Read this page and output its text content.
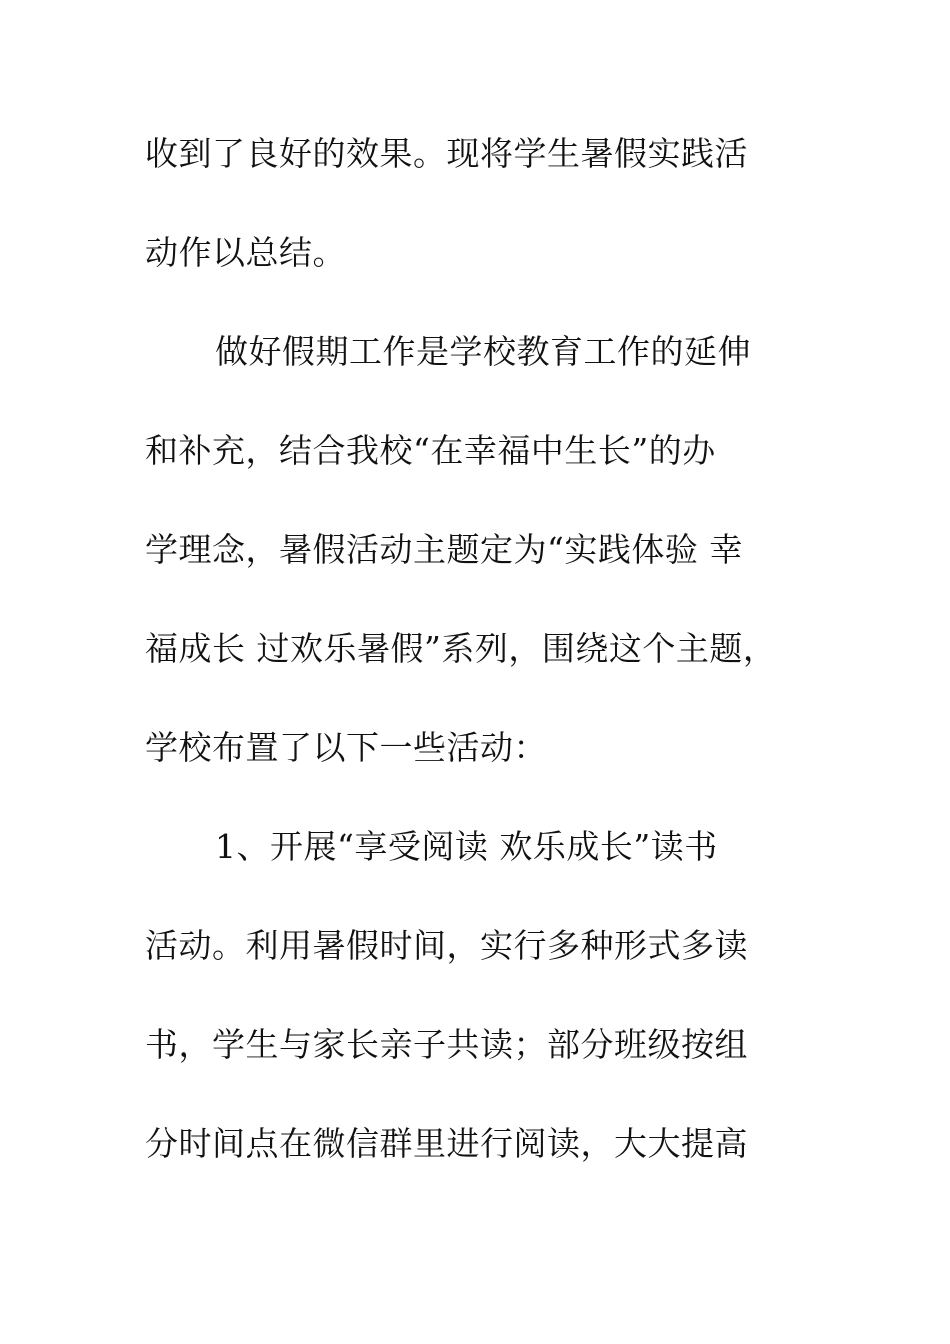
收到了良好的效果。现将学生暑假实践活
动作以总结。
做好假期工作是学校教育工作的延伸
和补充，结合我校“在幸福中生长”的办
学理念，暑假活动主题定为“实践体验 幸
福成长 过欢乐暑假”系列，围绕这个主题，
学校布置了以下一些活动：
1、开展“享受阅读 欢乐成长”读书
活动。利用暑假时间，实行多种形式多读
书，学生与家长亲子共读；部分班级按组
分时间点在微信群里进行阅读，大大提高
